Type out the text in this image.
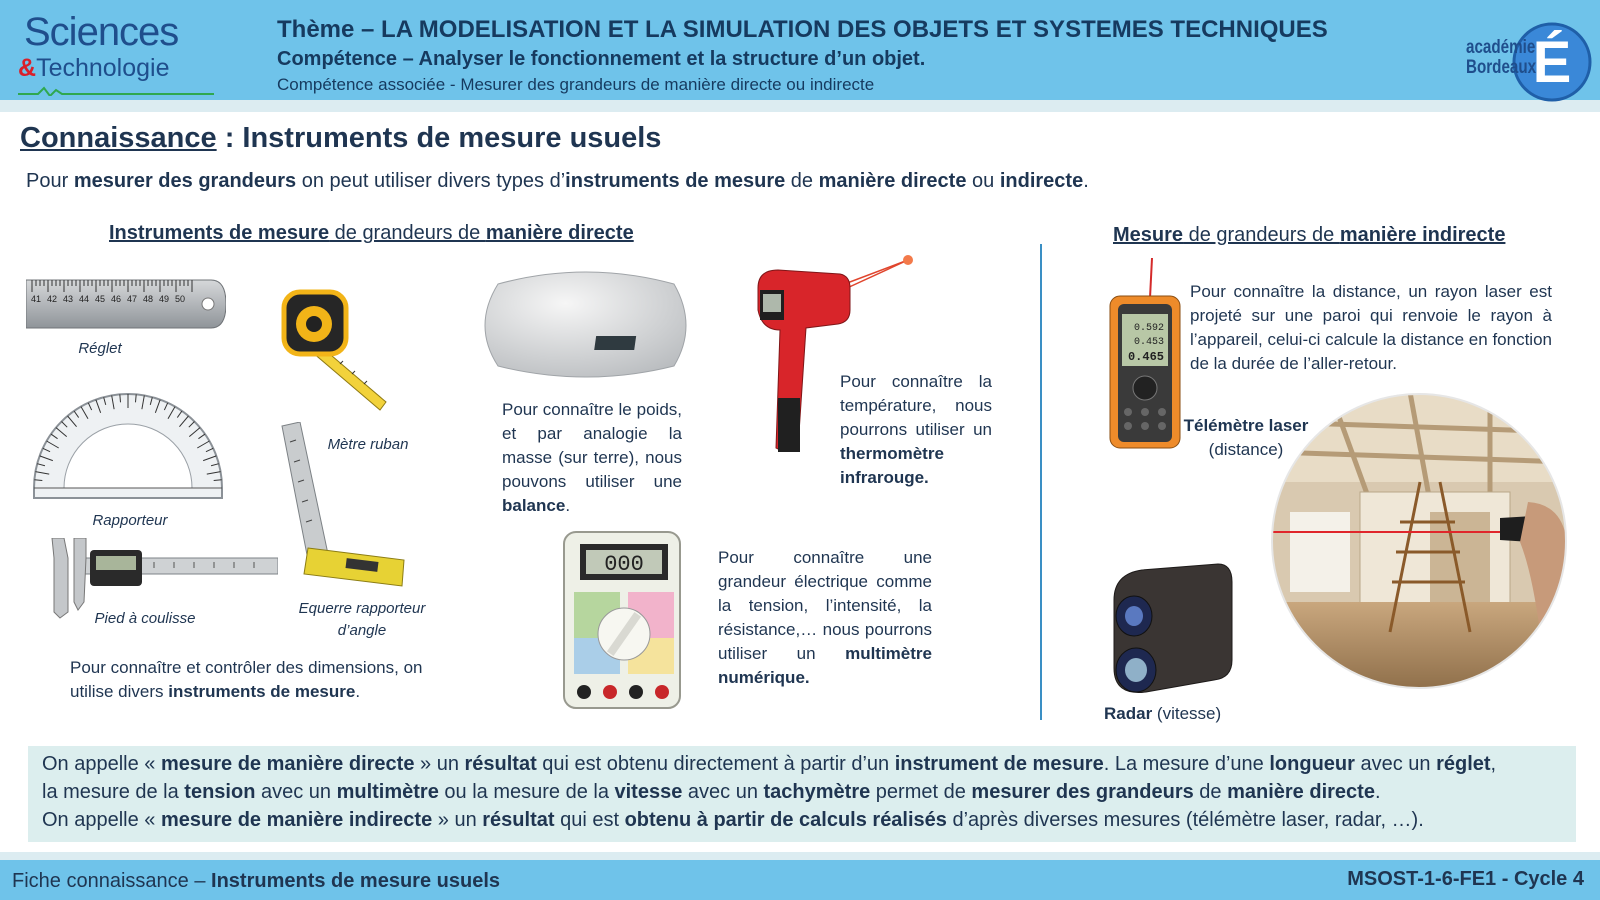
Sciences
&Technologie
Thème – LA MODELISATION ET LA SIMULATION DES OBJETS ET SYSTEMES TECHNIQUES
Compétence – Analyser le fonctionnement et la structure d’un objet.
Compétence associée - Mesurer des grandeurs de manière directe ou indirecte	É
académie
Bordeaux
Connaissance : Instruments de mesure usuels
Pour mesurer des grandeurs on peut utiliser divers types d’instruments de mesure de manière directe ou indirecte.
Instruments de mesure de grandeurs de manière directe	Mesure de grandeurs de manière indirecte
41 42 43 44 45 46 47 48 49 50
Réglet
Mètre ruban
Rapporteur
Equerre rapporteur
d’angle
Pied à coulisse
Pour connaître et contrôler des dimensions, on utilise divers instruments de mesure.
Pour connaître le poids, et par analogie la masse (sur terre), nous pouvons utiliser une balance.
Pour connaître la température, nous pourrons utiliser un thermomètre infrarouge.
000	Pour connaître une grandeur électrique comme la tension, l’intensité, la résistance,… nous pourrons utiliser un multimètre numérique.
0.592
0.453
0.465
Pour connaître la distance, un rayon laser est projeté sur une paroi qui renvoie le rayon à l’appareil, celui-ci calcule la distance en fonction de la durée de l’aller-retour.
Télémètre laser
(distance)
Radar (vitesse)
On appelle « mesure de manière directe » un résultat qui est obtenu directement à partir d’un instrument de mesure. La mesure d’une longueur avec un réglet,
la mesure de la tension avec un multimètre ou la mesure de la vitesse avec un tachymètre permet de mesurer des grandeurs de manière directe.
On appelle « mesure de manière indirecte » un résultat qui est obtenu à partir de calculs réalisés d’après diverses mesures (télémètre laser, radar, …).
Fiche connaissance – Instruments de mesure usuels	MSOST-1-6-FE1 - Cycle 4
